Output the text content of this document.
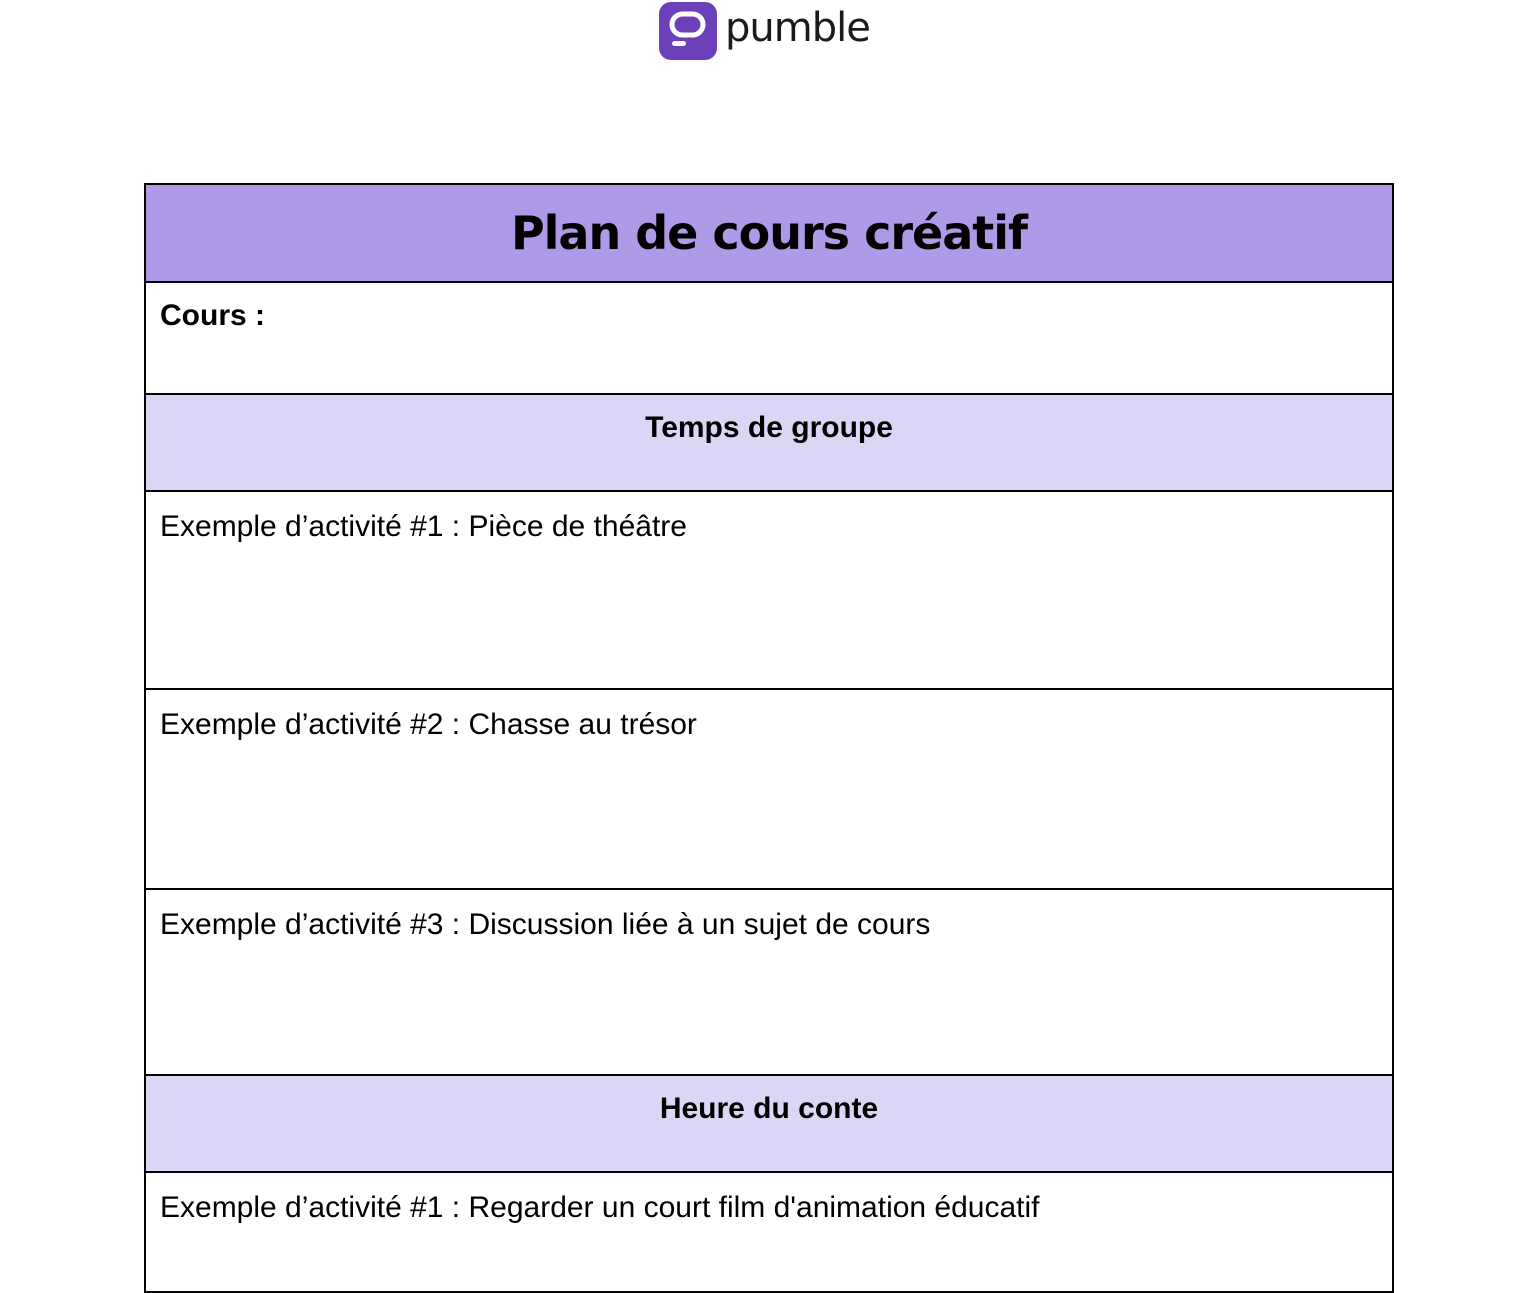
pumble
Plan de cours créatif
Cours :
Temps de groupe
Exemple d’activité #1 : Pièce de théâtre
Exemple d’activité #2 : Chasse au trésor
Exemple d’activité #3 : Discussion liée à un sujet de cours
Heure du conte
Exemple d’activité #1 : Regarder un court film d'animation éducatif
